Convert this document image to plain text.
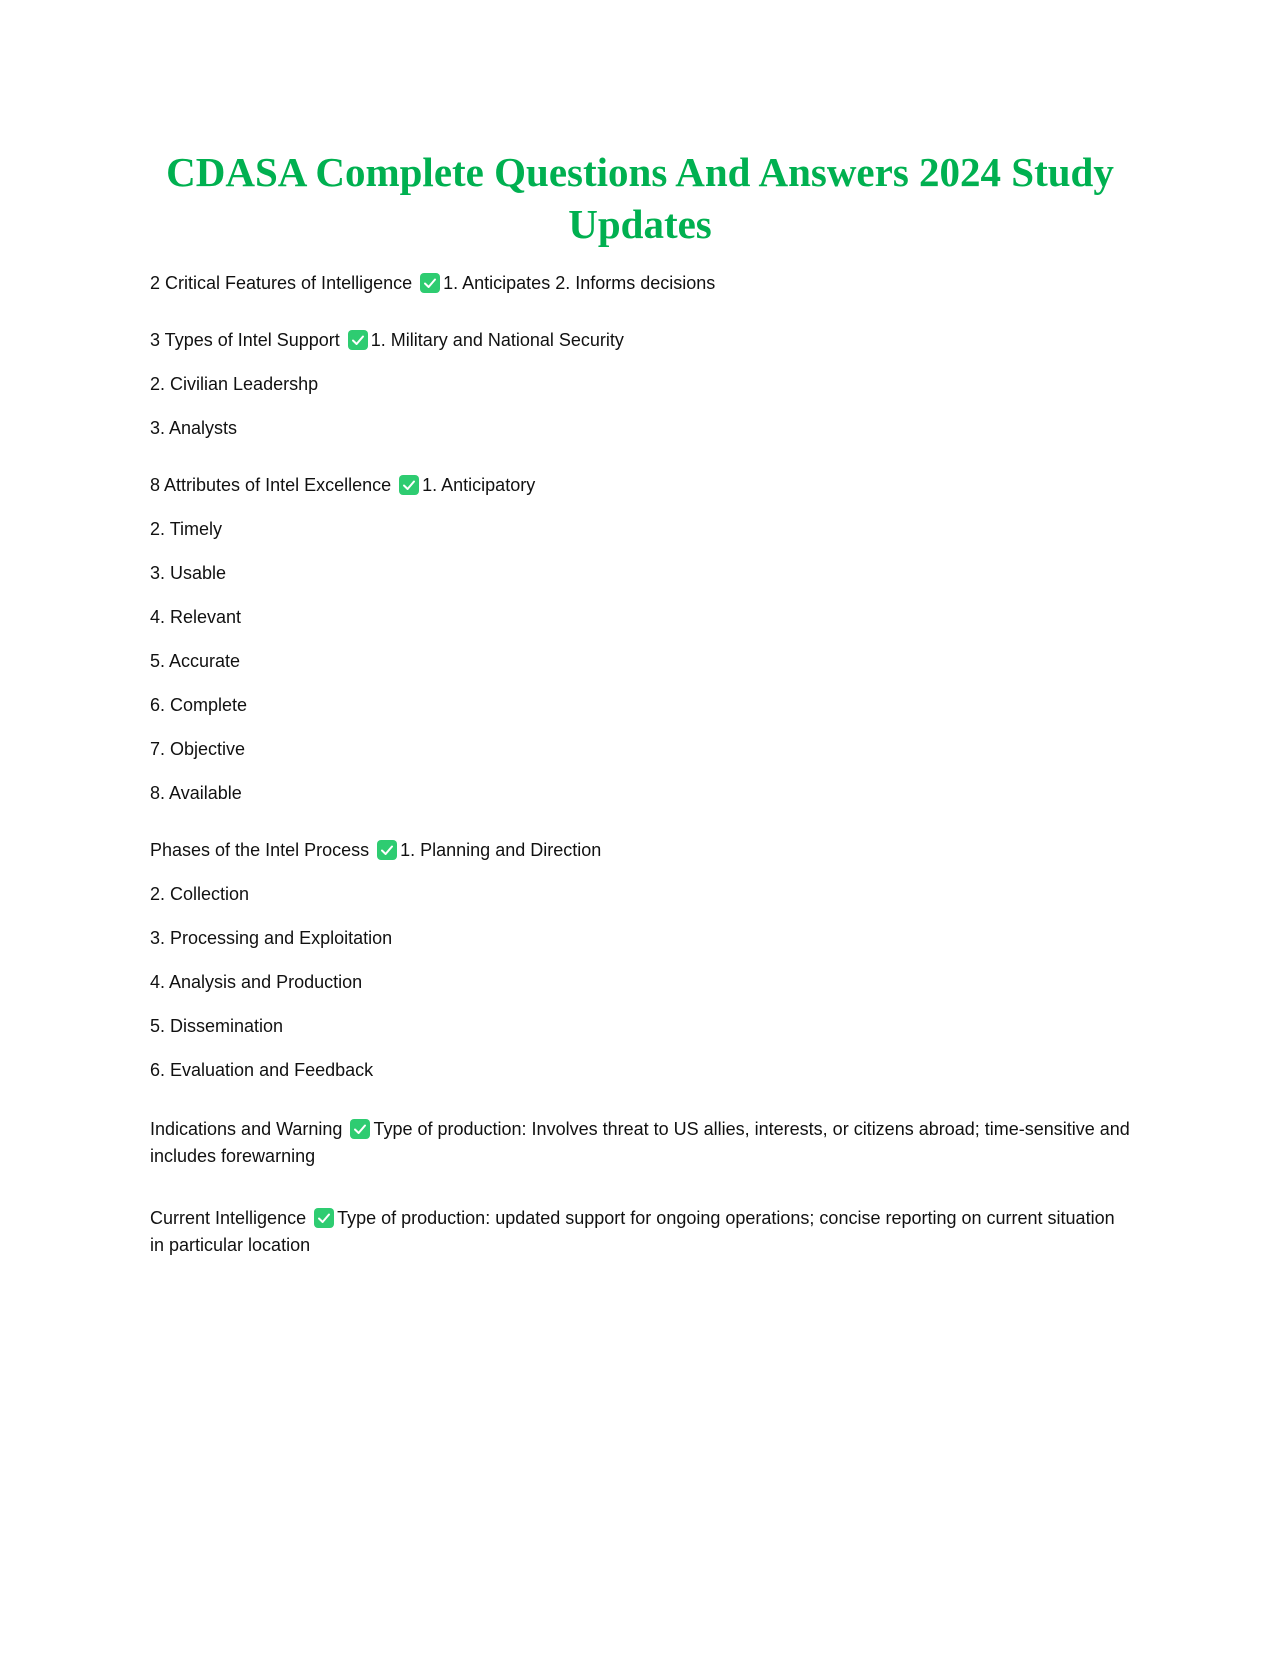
CDASA Complete Questions And Answers 2024 Study Updates

2 Critical Features of Intelligence 1. Anticipates 2. Informs decisions

3 Types of Intel Support 1. Military and National Security

2. Civilian Leadershp

3. Analysts

8 Attributes of Intel Excellence 1. Anticipatory

2. Timely

3. Usable

4. Relevant

5. Accurate

6. Complete

7. Objective

8. Available

Phases of the Intel Process 1. Planning and Direction

2. Collection

3. Processing and Exploitation

4. Analysis and Production

5. Dissemination

6. Evaluation and Feedback

Indications and Warning Type of production: Involves threat to US allies, interests, or citizens abroad; time-sensitive and includes forewarning

Current Intelligence Type of production: updated support for ongoing operations; concise reporting on current situation in particular location
